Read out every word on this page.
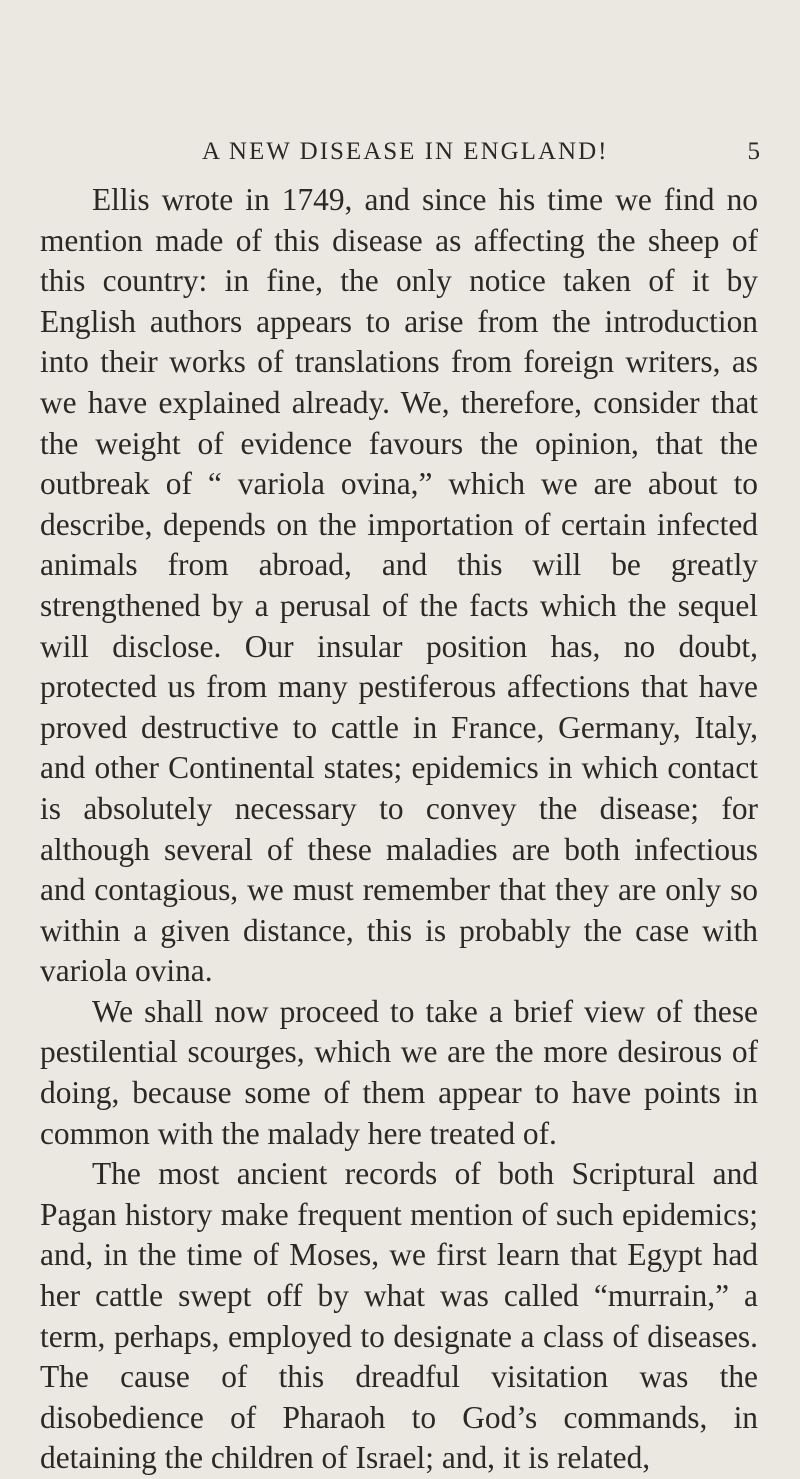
A NEW DISEASE IN ENGLAND!	5

Ellis wrote in 1749, and since his time we find no mention made of this disease as affecting the sheep of this country: in fine, the only notice taken of it by English authors appears to arise from the introduction into their works of translations from foreign writers, as we have explained already. We, therefore, consider that the weight of evidence favours the opinion, that the outbreak of “ variola ovina,” which we are about to describe, depends on the importation of certain infected animals from abroad, and this will be greatly strengthened by a perusal of the facts which the sequel will disclose. Our insular position has, no doubt, protected us from many pestiferous affections that have proved destructive to cattle in France, Germany, Italy, and other Continental states; epidemics in which contact is absolutely necessary to convey the disease; for although several of these maladies are both infectious and contagious, we must remember that they are only so within a given distance, this is probably the case with variola ovina.

We shall now proceed to take a brief view of these pestilential scourges, which we are the more desirous of doing, because some of them appear to have points in common with the malady here treated of.

The most ancient records of both Scriptural and Pagan history make frequent mention of such epidemics; and, in the time of Moses, we first learn that Egypt had her cattle swept off by what was called “murrain,” a term, perhaps, employed to designate a class of diseases. The cause of this dreadful visitation was the disobedience of Pharaoh to God’s commands, in detaining the children of Israel; and, it is related,
